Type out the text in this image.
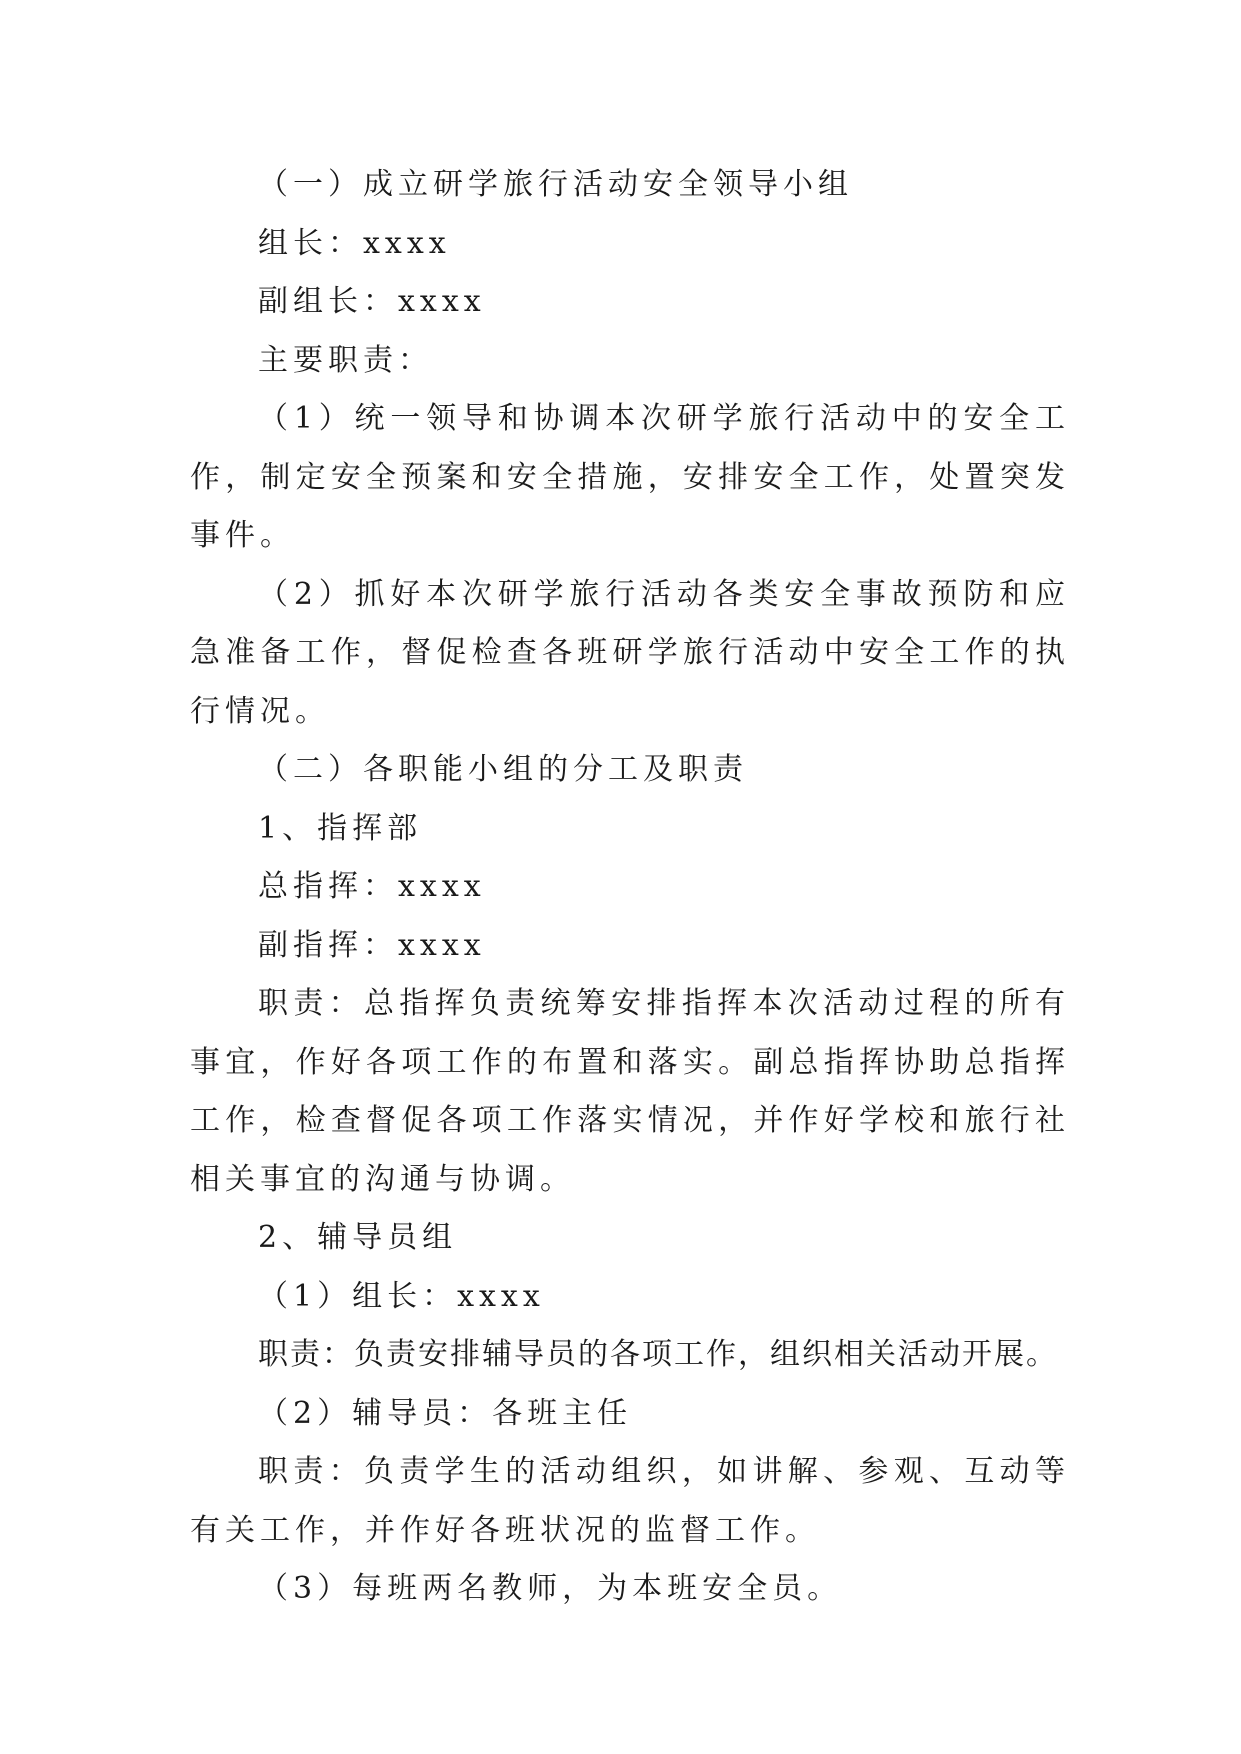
（一）成立研学旅行活动安全领导小组

组长：xxxx

副组长：xxxx

主要职责：

（1）统一领导和协调本次研学旅行活动中的安全工作，制定安全预案和安全措施，安排安全工作，处置突发事件。

（2）抓好本次研学旅行活动各类安全事故预防和应急准备工作，督促检查各班研学旅行活动中安全工作的执行情况。

（二）各职能小组的分工及职责

1、指挥部

总指挥：xxxx

副指挥：xxxx

职责：总指挥负责统筹安排指挥本次活动过程的所有事宜，作好各项工作的布置和落实。副总指挥协助总指挥工作，检查督促各项工作落实情况，并作好学校和旅行社相关事宜的沟通与协调。

2、辅导员组

（1）组长：xxxx

职责：负责安排辅导员的各项工作，组织相关活动开展。

（2）辅导员：各班主任

职责：负责学生的活动组织，如讲解、参观、互动等有关工作，并作好各班状况的监督工作。

（3）每班两名教师，为本班安全员。
